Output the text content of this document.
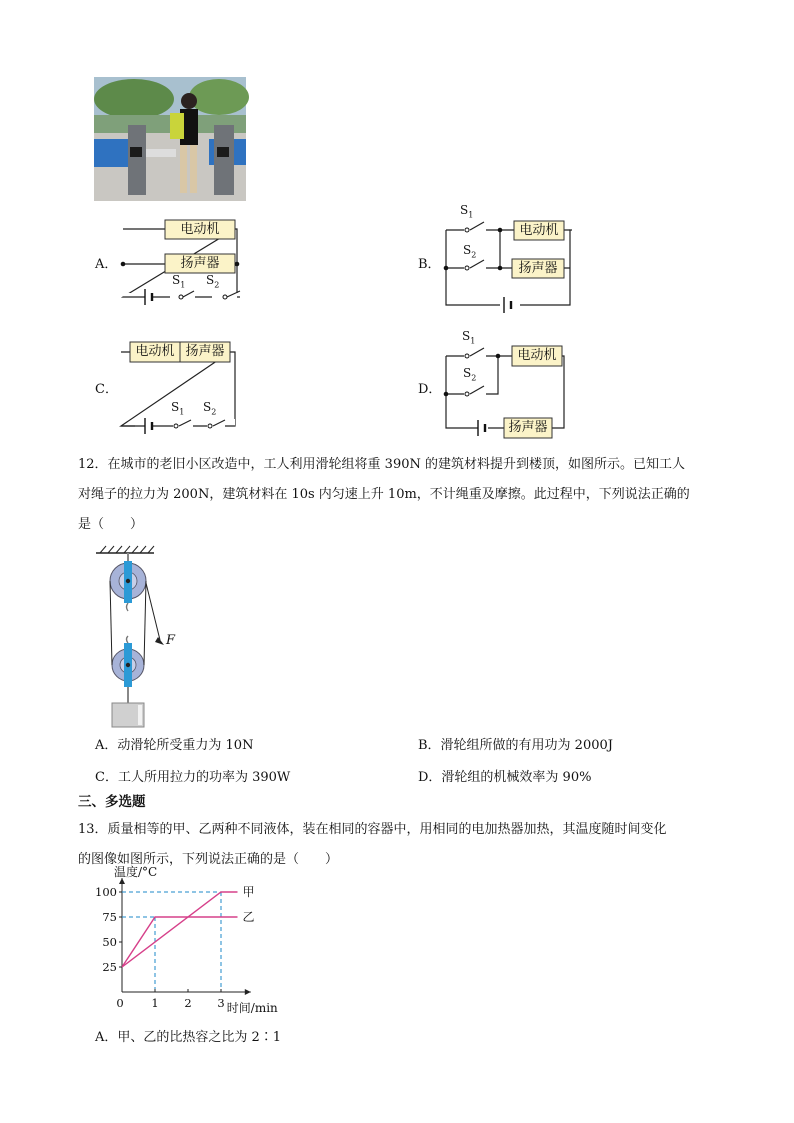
A．
电动机
扬声器
$S_1$ $S_2$
B．
电动机
扬声器
$S_1$
$S_2$
C．
电动机 扬声器
$S_1$ $S_2$
D．
电动机
扬声器
$S_1$
$S_2$
12．在城市的老旧小区改造中，工人利用滑轮组将重 390N 的建筑材料提升到楼顶，如图所示。已知工人
对绳子的拉力为 200N，建筑材料在 10s 内匀速上升 10m，不计绳重及摩擦。此过程中，下列说法正确的
是（　　）
F
A．动滑轮所受重力为 10N	B．滑轮组所做的有用功为 2000J
C．工人所用拉力的功率为 390W	D．滑轮组的机械效率为 90%
三、多选题
13．质量相等的甲、乙两种不同液体，装在相同的容器中，用相同的电加热器加热，其温度随时间变化
的图像如图所示，下列说法正确的是（　　）
甲
乙
25
50
75
100
0 1 2 3
温度/°C
时间/min
A．甲、乙的比热容之比为 2∶1
